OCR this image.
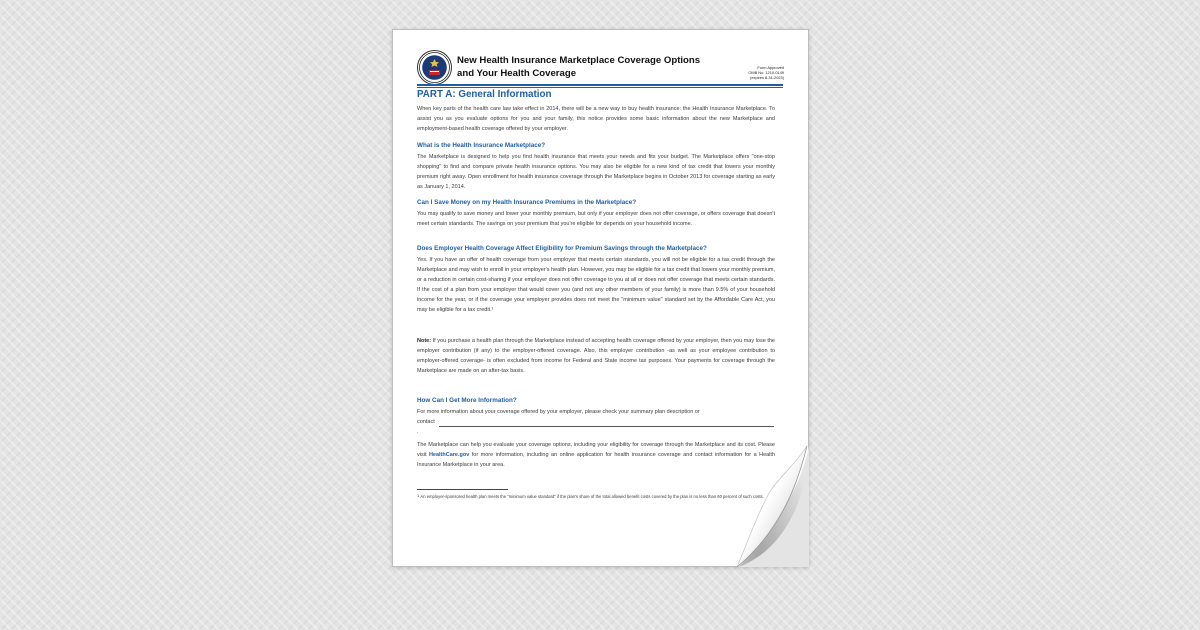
New Health Insurance Marketplace Coverage Options and Your Health Coverage	Form Approved
OMB No. 1210-0149
(expires 8-31-2023)
PART A: General Information

When key parts of the health care law take effect in 2014, there will be a new way to buy health insurance: the Health Insurance Marketplace. To assist you as you evaluate options for you and your family, this notice provides some basic information about the new Marketplace and employment-based health coverage offered by your employer.

What is the Health Insurance Marketplace?

The Marketplace is designed to help you find health insurance that meets your needs and fits your budget. The Marketplace offers "one-stop shopping" to find and compare private health insurance options. You may also be eligible for a new kind of tax credit that lowers your monthly premium right away. Open enrollment for health insurance coverage through the Marketplace begins in October 2013 for coverage starting as early as January 1, 2014.

Can I Save Money on my Health Insurance Premiums in the Marketplace?

You may qualify to save money and lower your monthly premium, but only if your employer does not offer coverage, or offers coverage that doesn't meet certain standards. The savings on your premium that you're eligible for depends on your household income.

Does Employer Health Coverage Affect Eligibility for Premium Savings through the Marketplace?

Yes. If you have an offer of health coverage from your employer that meets certain standards, you will not be eligible for a tax credit through the Marketplace and may wish to enroll in your employer's health plan. However, you may be eligible for a tax credit that lowers your monthly premium, or a reduction in certain cost-sharing if your employer does not offer coverage to you at all or does not offer coverage that meets certain standards. If the cost of a plan from your employer that would cover you (and not any other members of your family) is more than 9.5% of your household income for the year, or if the coverage your employer provides does not meet the "minimum value" standard set by the Affordable Care Act, you may be eligible for a tax credit.¹

Note: If you purchase a health plan through the Marketplace instead of accepting health coverage offered by your employer, then you may lose the employer contribution (if any) to the employer-offered coverage. Also, this employer contribution -as well as your employee contribution to employer-offered coverage- is often excluded from income for Federal and State income tax purposes. Your payments for coverage through the Marketplace are made on an after-tax basis.

How Can I Get More Information?

For more information about your coverage offered by your employer, please check your summary plan description or

contact

.

The Marketplace can help you evaluate your coverage options, including your eligibility for coverage through the Marketplace and its cost. Please visit HealthCare.gov for more information, including an online application for health insurance coverage and contact information for a Health Insurance Marketplace in your area.

$^1$ An employer-sponsored health plan meets the "minimum value standard" if the plan's share of the total allowed benefit costs covered by the plan is no less than 60 percent of such costs.
